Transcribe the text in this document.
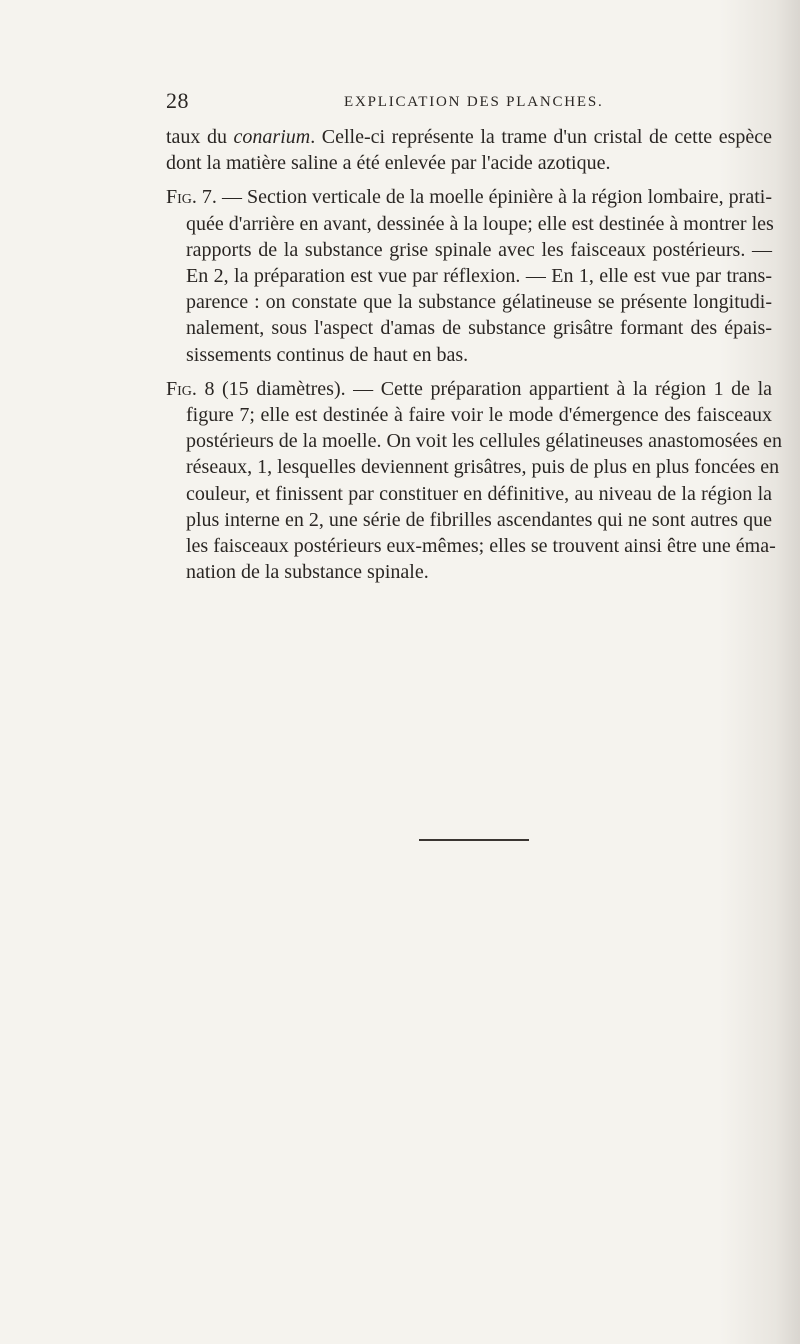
28	EXPLICATION DES PLANCHES.

taux du conarium. Celle-ci représente la trame d'un cristal de cette espèce
dont la matière saline a été enlevée par l'acide azotique.

Fig. 7. — Section verticale de la moelle épinière à la région lombaire, prati-
quée d'arrière en avant, dessinée à la loupe; elle est destinée à montrer les
rapports de la substance grise spinale avec les faisceaux postérieurs. —
En 2, la préparation est vue par réflexion. — En 1, elle est vue par trans-
parence : on constate que la substance gélatineuse se présente longitudi-
nalement, sous l'aspect d'amas de substance grisâtre formant des épais-
sissements continus de haut en bas.

Fig. 8 (15 diamètres). — Cette préparation appartient à la région 1 de la
figure 7; elle est destinée à faire voir le mode d'émergence des faisceaux
postérieurs de la moelle. On voit les cellules gélatineuses anastomosées en
réseaux, 1, lesquelles deviennent grisâtres, puis de plus en plus foncées en
couleur, et finissent par constituer en définitive, au niveau de la région la
plus interne en 2, une série de fibrilles ascendantes qui ne sont autres que
les faisceaux postérieurs eux-mêmes; elles se trouvent ainsi être une éma-
nation de la substance spinale.
